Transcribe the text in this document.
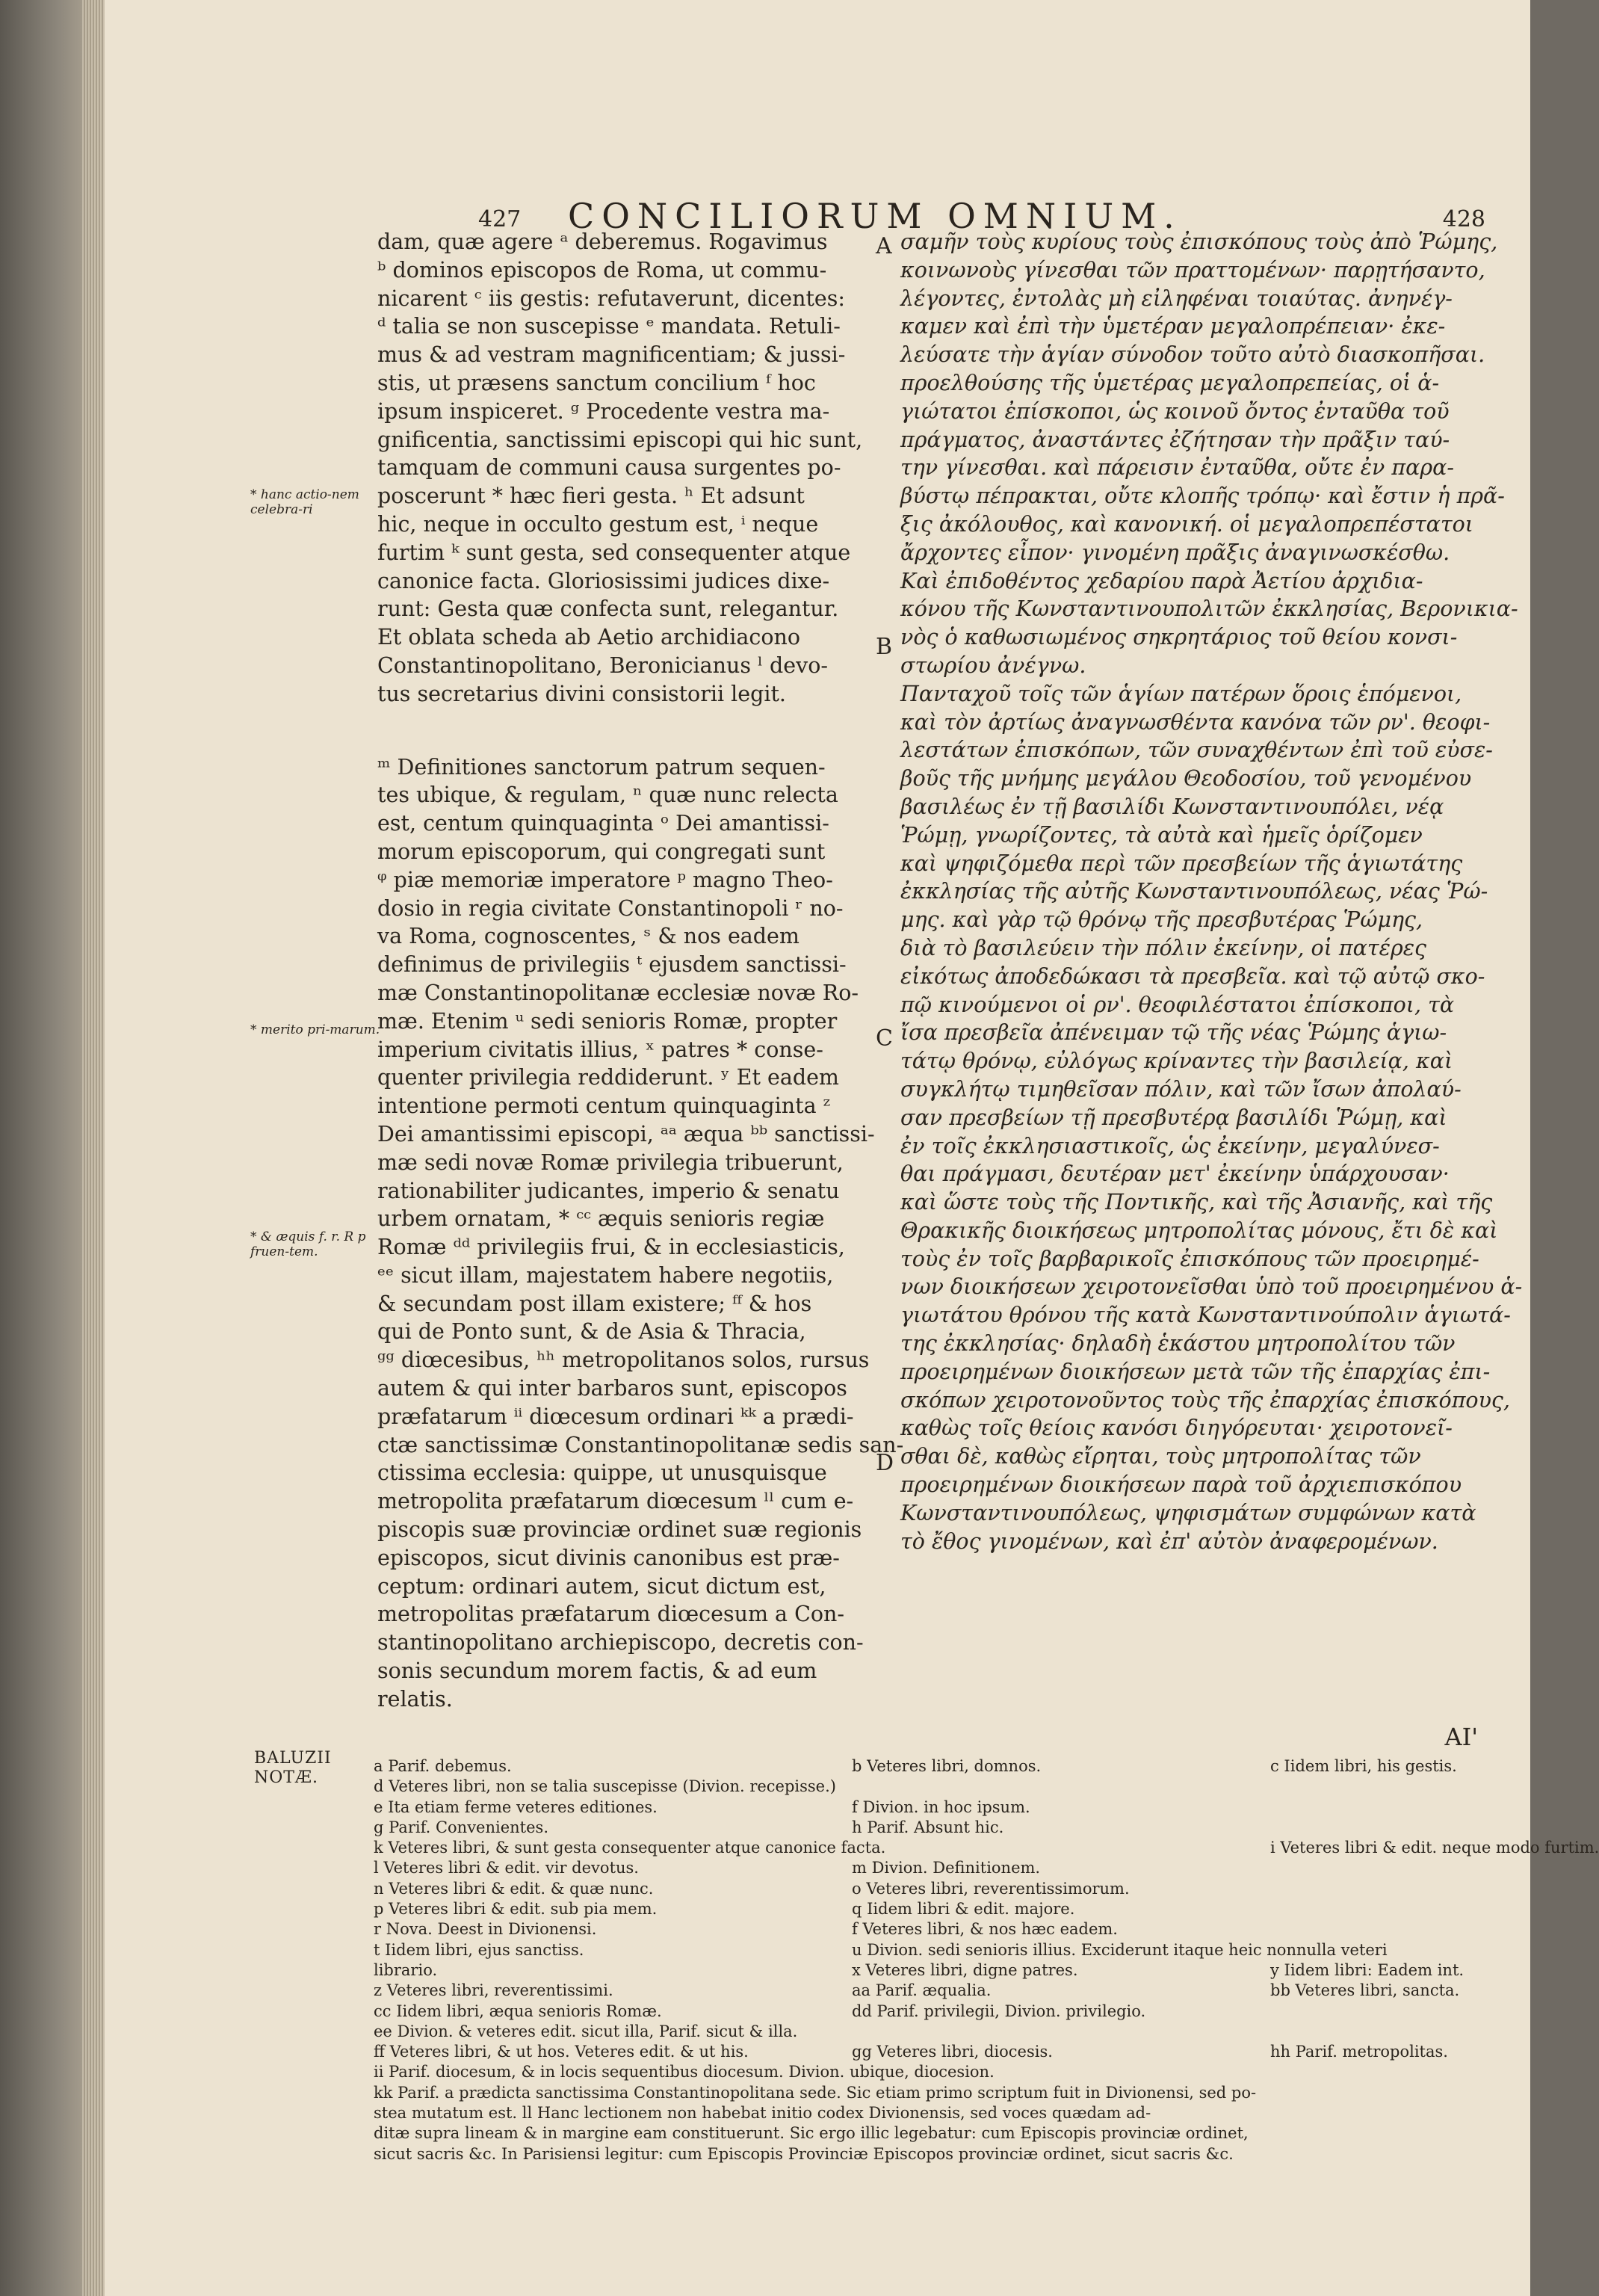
427 CONCILIORUM OMNIUM.	428
A
B
C
D
* hanc actio-nem celebra-ri
* merito pri-marum.
* & æquis f. r. R p fruen-tem.

dam, quæ agere ᵃ deberemus. Rogavimus
ᵇ dominos episcopos de Roma, ut commu-
nicarent ᶜ iis gestis: refutaverunt, dicentes:
ᵈ talia se non suscepisse ᵉ mandata. Retuli-
mus & ad vestram magnificentiam; & jussi-
stis, ut præsens sanctum concilium ᶠ hoc
ipsum inspiceret. ᵍ Procedente vestra ma-
gnificentia, sanctissimi episcopi qui hic sunt,
tamquam de communi causa surgentes po-
poscerunt * hæc fieri gesta. ʰ Et adsunt
hic, neque in occulto gestum est, ⁱ neque
furtim ᵏ sunt gesta, sed consequenter atque
canonice facta. Gloriosissimi judices dixe-
runt: Gesta quæ confecta sunt, relegantur.

Et oblata scheda ab Aetio archidiacono
Constantinopolitano, Beronicianus ˡ devo-
tus secretarius divini consistorii legit.

ᵐ Definitiones sanctorum patrum sequen-
tes ubique, & regulam, ⁿ quæ nunc relecta
est, centum quinquaginta ᵒ Dei amantissi-
morum episcoporum, qui congregati sunt
ᵠ piæ memoriæ imperatore ᵖ magno Theo-
dosio in regia civitate Constantinopoli ʳ no-
va Roma, cognoscentes, ˢ & nos eadem
definimus de privilegiis ᵗ ejusdem sanctissi-
mæ Constantinopolitanæ ecclesiæ novæ Ro-
mæ. Etenim ᵘ sedi senioris Romæ, propter
imperium civitatis illius, ˣ patres * conse-
quenter privilegia reddiderunt. ʸ Et eadem
intentione permoti centum quinquaginta ᶻ
Dei amantissimi episcopi, ᵃᵃ æqua ᵇᵇ sanctissi-
mæ sedi novæ Romæ privilegia tribuerunt,
rationabiliter judicantes, imperio & senatu
urbem ornatam, * ᶜᶜ æquis senioris regiæ
Romæ ᵈᵈ privilegiis frui, & in ecclesiasticis,
ᵉᵉ sicut illam, majestatem habere negotiis,
& secundam post illam existere; ᶠᶠ & hos
qui de Ponto sunt, & de Asia & Thracia,
ᵍᵍ diœcesibus, ʰʰ metropolitanos solos, rursus
autem & qui inter barbaros sunt, episcopos
præfatarum ⁱⁱ diœcesum ordinari ᵏᵏ a prædi-
ctæ sanctissimæ Constantinopolitanæ sedis san-
ctissima ecclesia: quippe, ut unusquisque
metropolita præfatarum diœcesum ˡˡ cum e-
piscopis suæ provinciæ ordinet suæ regionis
episcopos, sicut divinis canonibus est præ-
ceptum: ordinari autem, sicut dictum est,
metropolitas præfatarum diœcesum a Con-
stantinopolitano archiepiscopo, decretis con-
sonis secundum morem factis, & ad eum
relatis.

σαμῆν τοὺς κυρίους τοὺς ἐπισκόπους τοὺς ἀπὸ Ῥώμης,
κοινωνοὺς γίνεσθαι τῶν πραττομένων· παρῃτήσαντο,
λέγοντες, ἐντολὰς μὴ εἰληφέναι τοιαύτας. ἀνηνέγ-
καμεν καὶ ἐπὶ τὴν ὑμετέραν μεγαλοπρέπειαν· ἐκε-
λεύσατε τὴν ἁγίαν σύνοδον τοῦτο αὐτὸ διασκοπῆσαι.
προελθούσης τῆς ὑμετέρας μεγαλοπρεπείας, οἱ ἁ-
γιώτατοι ἐπίσκοποι, ὡς κοινοῦ ὄντος ἐνταῦθα τοῦ
πράγματος, ἀναστάντες ἐζήτησαν τὴν πρᾶξιν ταύ-
την γίνεσθαι. καὶ πάρεισιν ἐνταῦθα, οὔτε ἐν παρα-
βύστῳ πέπρακται, οὔτε κλοπῆς τρόπῳ· καὶ ἔστιν ἡ πρᾶ-
ξις ἀκόλουθος, καὶ κανονική. οἱ μεγαλοπρεπέστατοι
ἄρχοντες εἶπον· γινομένη πρᾶξις ἀναγινωσκέσθω.

Καὶ ἐπιδοθέντος χεδαρίου παρὰ Ἀετίου ἀρχιδια-
κόνου τῆς Κωνσταντινουπολιτῶν ἐκκλησίας, Βερονικια-
νὸς ὁ καθωσιωμένος σηκρητάριος τοῦ θείου κονσι-
στωρίου ἀνέγνω.

Πανταχοῦ τοῖς τῶν ἁγίων πατέρων ὅροις ἑπόμενοι,
καὶ τὸν ἀρτίως ἀναγνωσθέντα κανόνα τῶν ρν'. θεοφι-
λεστάτων ἐπισκόπων, τῶν συναχθέντων ἐπὶ τοῦ εὐσε-
βοῦς τῆς μνήμης μεγάλου Θεοδοσίου, τοῦ γενομένου
βασιλέως ἐν τῇ βασιλίδι Κωνσταντινουπόλει, νέᾳ
Ῥώμῃ, γνωρίζοντες, τὰ αὐτὰ καὶ ἡμεῖς ὁρίζομεν
καὶ ψηφιζόμεθα περὶ τῶν πρεσβείων τῆς ἁγιωτάτης
ἐκκλησίας τῆς αὐτῆς Κωνσταντινουπόλεως, νέας Ῥώ-
μης. καὶ γὰρ τῷ θρόνῳ τῆς πρεσβυτέρας Ῥώμης,
διὰ τὸ βασιλεύειν τὴν πόλιν ἐκείνην, οἱ πατέρες
εἰκότως ἀποδεδώκασι τὰ πρεσβεῖα. καὶ τῷ αὐτῷ σκο-
πῷ κινούμενοι οἱ ρν'. θεοφιλέστατοι ἐπίσκοποι, τὰ
ἴσα πρεσβεῖα ἀπένειμαν τῷ τῆς νέας Ῥώμης ἁγιω-
τάτῳ θρόνῳ, εὐλόγως κρίναντες τὴν βασιλείᾳ, καὶ
συγκλήτῳ τιμηθεῖσαν πόλιν, καὶ τῶν ἴσων ἀπολαύ-
σαν πρεσβείων τῇ πρεσβυτέρᾳ βασιλίδι Ῥώμῃ, καὶ
ἐν τοῖς ἐκκλησιαστικοῖς, ὡς ἐκείνην, μεγαλύνεσ-
θαι πράγμασι, δευτέραν μετ' ἐκείνην ὑπάρχουσαν·
καὶ ὥστε τοὺς τῆς Ποντικῆς, καὶ τῆς Ἀσιανῆς, καὶ τῆς
Θρακικῆς διοικήσεως μητροπολίτας μόνους, ἔτι δὲ καὶ
τοὺς ἐν τοῖς βαρβαρικοῖς ἐπισκόπους τῶν προειρημέ-
νων διοικήσεων χειροτονεῖσθαι ὑπὸ τοῦ προειρημένου ἁ-
γιωτάτου θρόνου τῆς κατὰ Κωνσταντινούπολιν ἁγιωτά-
της ἐκκλησίας· δηλαδὴ ἑκάστου μητροπολίτου τῶν
προειρημένων διοικήσεων μετὰ τῶν τῆς ἐπαρχίας ἐπι-
σκόπων χειροτονοῦντος τοὺς τῆς ἐπαρχίας ἐπισκόπους,
καθὼς τοῖς θείοις κανόσι διηγόρευται· χειροτονεῖ-
σθαι δὲ, καθὼς εἴρηται, τοὺς μητροπολίτας τῶν
προειρημένων διοικήσεων παρὰ τοῦ ἀρχιεπισκόπου
Κωνσταντινουπόλεως, ψηφισμάτων συμφώνων κατὰ
τὸ ἔθος γινομένων, καὶ ἐπ' αὐτὸν ἀναφερομένων.

ΑΙ'
BALUZII
NOTÆ.
a Parif. debemus.	b Veteres libri, domnos.	c Iidem libri, his gestis.
d Veteres libri, non se talia suscepisse (Divion. recepisse.)
e Ita etiam ferme veteres editiones.	f Divion. in hoc ipsum.
g Parif. Convenientes.	h Parif. Absunt hic.
k Veteres libri, & sunt gesta consequenter atque canonice facta.	i Veteres libri & edit. neque modo furtim.
l Veteres libri & edit. vir devotus.	m Divion. Definitionem.
n Veteres libri & edit. & quæ nunc.	o Veteres libri, reverentissimorum.
p Veteres libri & edit. sub pia mem.	q Iidem libri & edit. majore.
r Nova. Deest in Divionensi.	f Veteres libri, & nos hæc eadem.
t Iidem libri, ejus sanctiss.	u Divion. sedi senioris illius. Exciderunt itaque heic nonnulla veteri
librario.	x Veteres libri, digne patres.	y Iidem libri: Eadem int.
z Veteres libri, reverentissimi.	aa Parif. æqualia.	bb Veteres libri, sancta.
cc Iidem libri, æqua senioris Romæ.	dd Parif. privilegii, Divion. privilegio.
ee Divion. & veteres edit. sicut illa, Parif. sicut & illa.
ff Veteres libri, & ut hos. Veteres edit. & ut his.	gg Veteres libri, diocesis.	hh Parif. metropolitas.
ii Parif. diocesum, & in locis sequentibus diocesum. Divion. ubique, diocesion.
kk Parif. a prædicta sanctissima Constantinopolitana sede. Sic etiam primo scriptum fuit in Divionensi, sed po-
stea mutatum est. ll Hanc lectionem non habebat initio codex Divionensis, sed voces quædam ad-
ditæ supra lineam & in margine eam constituerunt. Sic ergo illic legebatur: cum Episcopis provinciæ ordinet,
sicut sacris &c. In Parisiensi legitur: cum Episcopis Provinciæ Episcopos provinciæ ordinet, sicut sacris &c.
